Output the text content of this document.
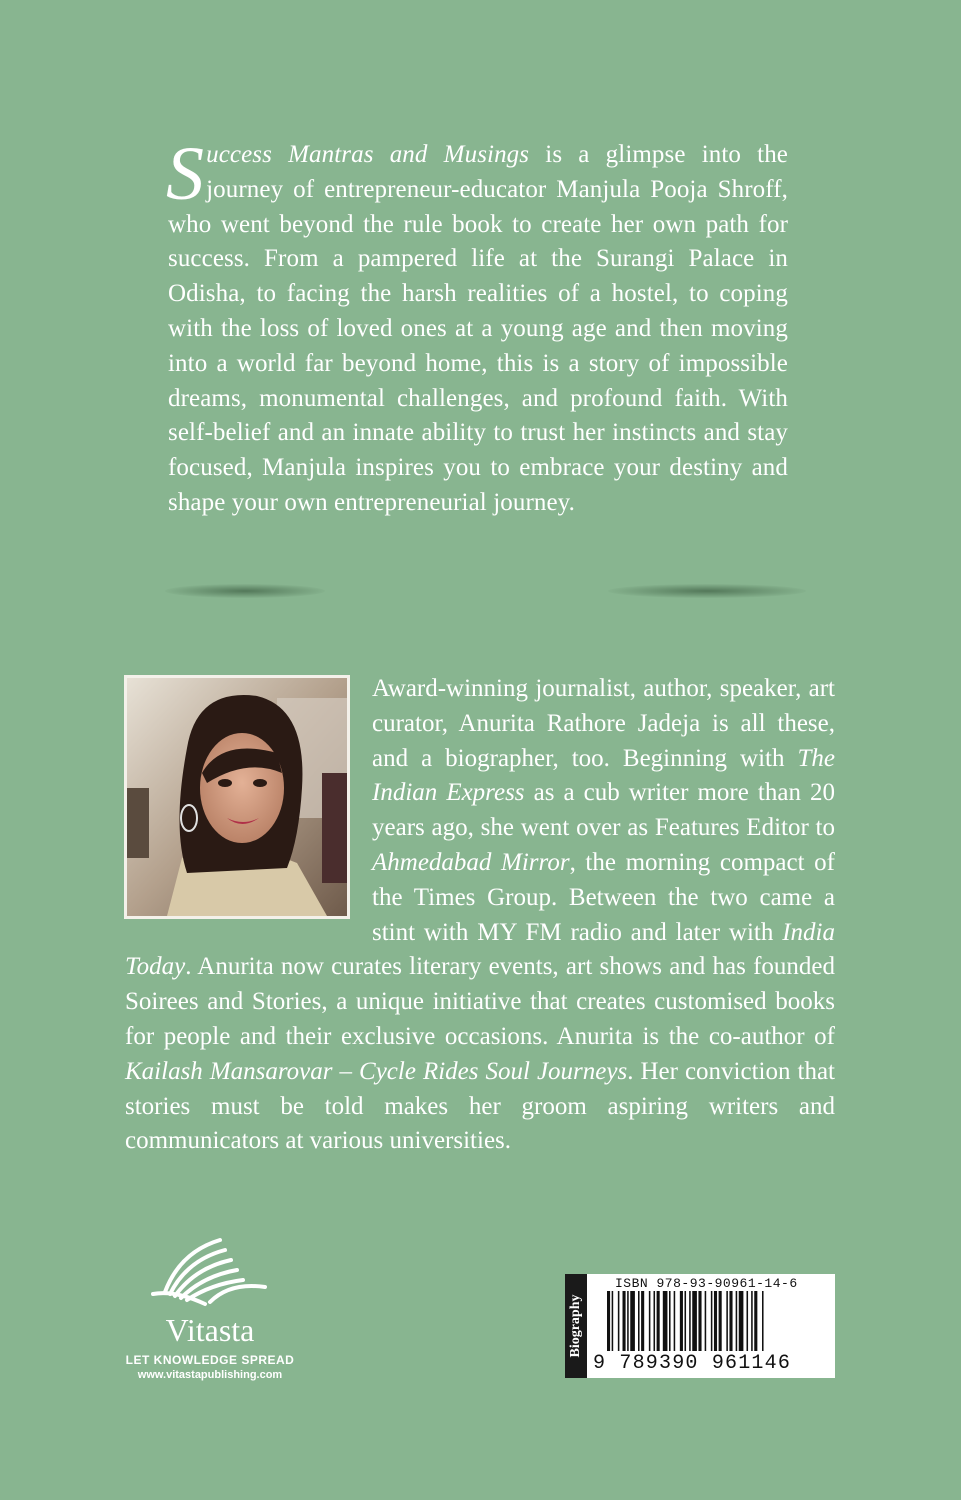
Success Mantras and Musings is a glimpse into the journey of entrepreneur-educator Manjula Pooja Shroff, who went beyond the rule book to create her own path for success. From a pampered life at the Surangi Palace in Odisha, to facing the harsh realities of a hostel, to coping with the loss of loved ones at a young age and then moving into a world far beyond home, this is a story of impossible dreams, monumental challenges, and profound faith. With self-belief and an innate ability to trust her instincts and stay focused, Manjula inspires you to embrace your destiny and shape your own entrepreneurial journey.
Award-winning journalist, author, speaker, art curator, Anurita Rathore Jadeja is all these, and a biographer, too. Beginning with The Indian Express as a cub writer more than 20 years ago, she went over as Features Editor to Ahmedabad Mirror, the morning compact of the Times Group. Between the two came a stint with MY FM radio and later with India Today. Anurita now curates literary events, art shows and has founded Soirees and Stories, a unique initiative that creates customised books for people and their exclusive occasions. Anurita is the co-author of Kailash Mansarovar – Cycle Rides Soul Journeys. Her conviction that stories must be told makes her groom aspiring writers and communicators at various universities.
Vitasta
LET KNOWLEDGE SPREAD
www.vitastapublishing.com
Biography
ISBN 978-93-90961-14-6
9 789390 961146
